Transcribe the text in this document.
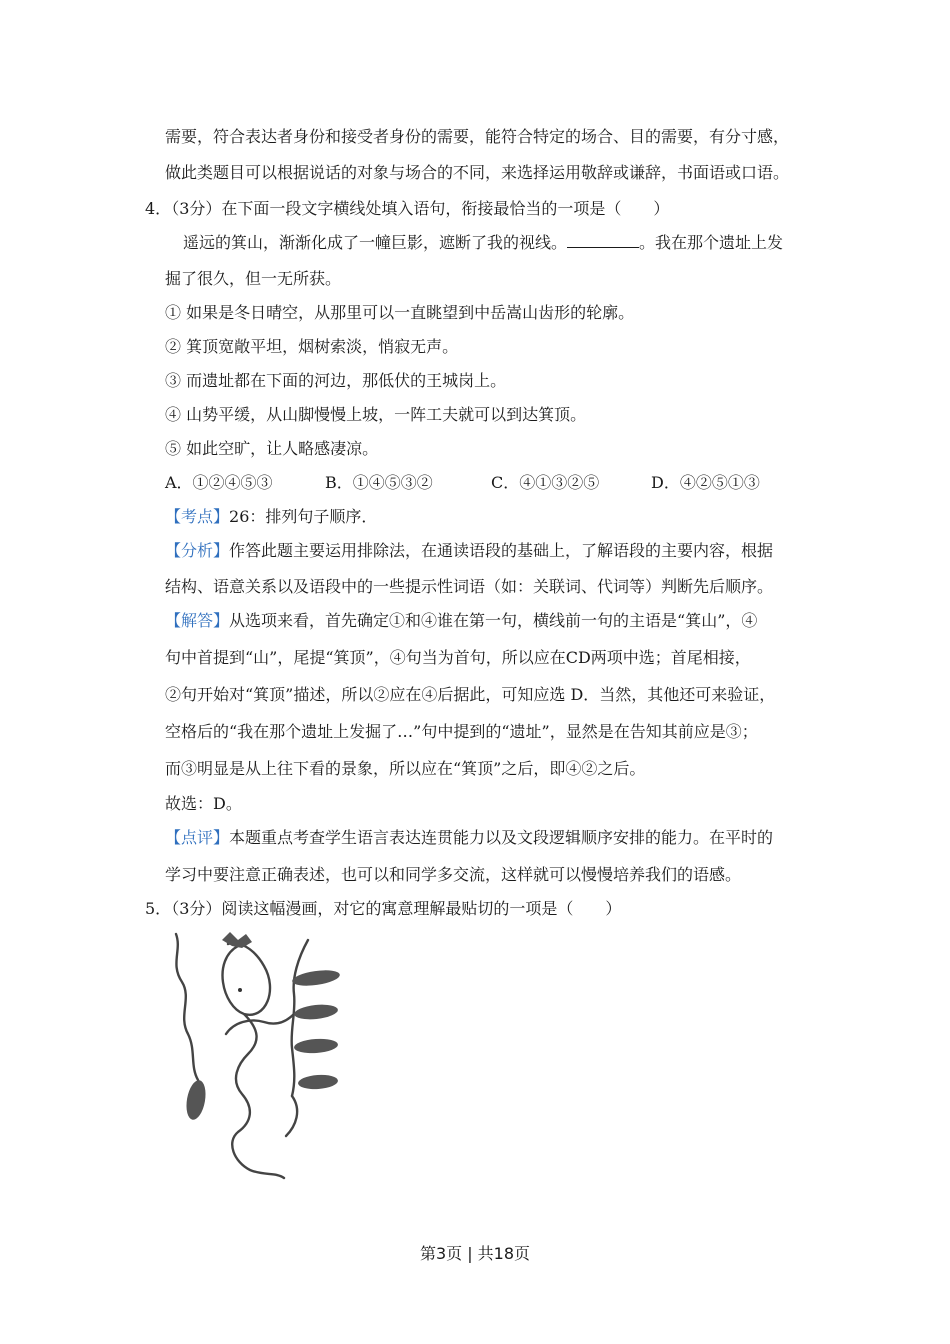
需要，符合表达者身份和接受者身份的需要，能符合特定的场合、目的需要，有分寸感，
做此类题目可以根据说话的对象与场合的不同，来选择运用敬辞或谦辞，书面语或口语。
4．（3分）在下面一段文字横线处填入语句，衔接最恰当的一项是（　　）
遥远的箕山，渐渐化成了一幢巨影，遮断了我的视线。	。我在那个遗址上发
掘了很久，但一无所获。
① 如果是冬日晴空，从那里可以一直眺望到中岳嵩山齿形的轮廓。
② 箕顶宽敞平坦，烟树索淡，悄寂无声。
③ 而遗址都在下面的河边，那低伏的王城岗上。
④ 山势平缓，从山脚慢慢上坡，一阵工夫就可以到达箕顶。
⑤ 如此空旷，让人略感凄凉。
A．①②④⑤③	B．①④⑤③②	C．④①③②⑤	D．④②⑤①③
【考点】26：排列句子顺序．
【分析】作答此题主要运用排除法，在通读语段的基础上，了解语段的主要内容，根据
结构、语意关系以及语段中的一些提示性词语（如：关联词、代词等）判断先后顺序。
【解答】从选项来看，首先确定①和④谁在第一句，横线前一句的主语是“箕山”，④
句中首提到“山”，尾提“箕顶”，④句当为首句，所以应在CD两项中选；首尾相接，
②句开始对“箕顶”描述，所以②应在④后据此，可知应选 D．当然，其他还可来验证，
空格后的“我在那个遗址上发掘了…”句中提到的“遗址”，显然是在告知其前应是③；
而③明显是从上往下看的景象，所以应在“箕顶”之后，即④②之后。
故选：D。
【点评】本题重点考查学生语言表达连贯能力以及文段逻辑顺序安排的能力。在平时的
学习中要注意正确表述，也可以和同学多交流，这样就可以慢慢培养我们的语感。
5．（3分）阅读这幅漫画，对它的寓意理解最贴切的一项是（　　）
第3页 | 共18页
